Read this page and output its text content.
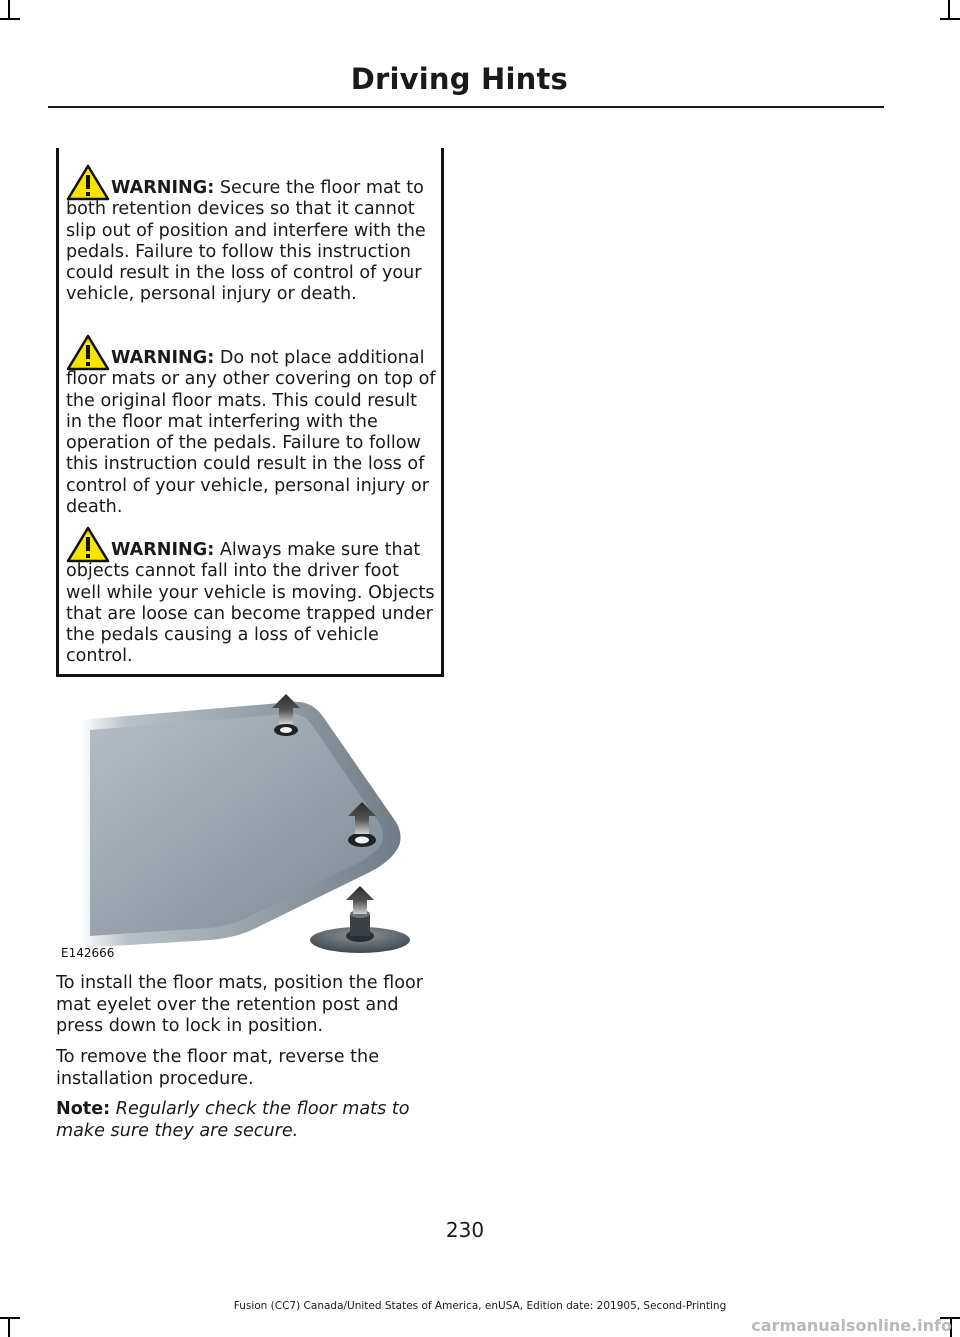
Driving Hints
WARNING: Secure the floor mat to both retention devices so that it cannot slip out of position and interfere with the pedals. Failure to follow this instruction could result in the loss of control of your vehicle, personal injury or death.
WARNING: Do not place additional floor mats or any other covering on top of the original floor mats. This could result in the floor mat interfering with the operation of the pedals. Failure to follow this instruction could result in the loss of control of your vehicle, personal injury or death.
WARNING: Always make sure that objects cannot fall into the driver foot well while your vehicle is moving. Objects that are loose can become trapped under the pedals causing a loss of vehicle control.
E142666
To install the floor mats, position the floor mat eyelet over the retention post and press down to lock in position.
To remove the floor mat, reverse the installation procedure.
Note: Regularly check the floor mats to make sure they are secure.
230
Fusion (CC7) Canada/United States of America, enUSA, Edition date: 201905, Second-Printing
carmanualsonline.info
